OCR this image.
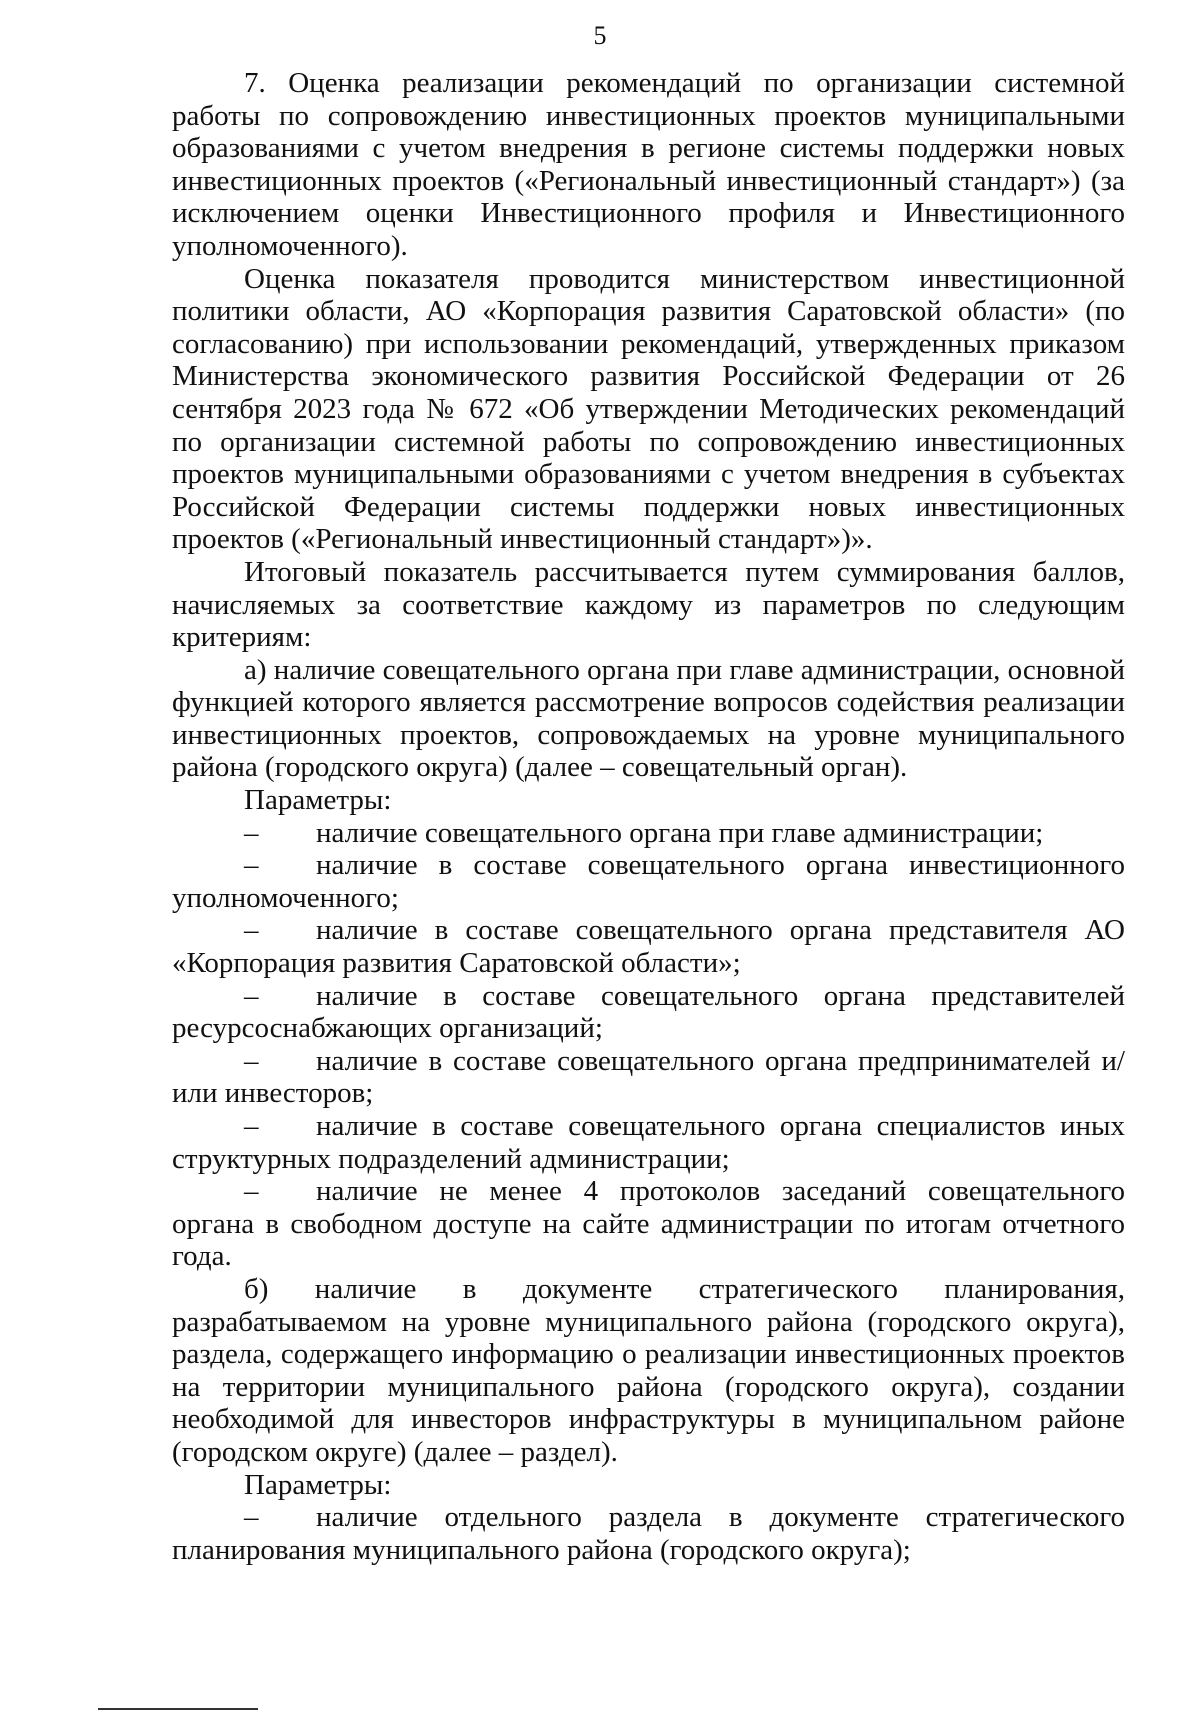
5

7. Оценка реализации рекомендаций по организации системной работы по сопровождению инвестиционных проектов муниципальными образованиями с учетом внедрения в регионе системы поддержки новых инвестиционных проектов («Региональный инвестиционный стандарт») (за исключением оценки Инвестиционного профиля и Инвестиционного уполномоченного).

Оценка показателя проводится министерством инвестиционной политики области, АО «Корпорация развития Саратовской области» (по согласованию) при использовании рекомендаций, утвержденных приказом Министерства экономического развития Российской Федерации от 26 сентября 2023 года № 672 «Об утверждении Методических рекомендаций по организации системной работы по сопровождению инвестиционных проектов муниципальными образованиями с учетом внедрения в субъектах Российской Федерации системы поддержки новых инвестиционных проектов («Региональный инвестиционный стандарт»)».

Итоговый показатель рассчитывается путем суммирования баллов, начисляемых за соответствие каждому из параметров по следующим критериям:

а) наличие совещательного органа при главе администрации, основной функцией которого является рассмотрение вопросов содействия реализации инвестиционных проектов, сопровождаемых на уровне муниципального района (городского округа) (далее – совещательный орган).

Параметры:

– наличие совещательного органа при главе администрации;

– наличие в составе совещательного органа инвестиционного уполномоченного;

– наличие в составе совещательного органа представителя АО «Корпорация развития Саратовской области»;

– наличие в составе совещательного органа представителей ресурсоснабжающих организаций;

– наличие в составе совещательного органа предпринимателей и/или инвесторов;

– наличие в составе совещательного органа специалистов иных структурных подразделений администрации;

– наличие не менее 4 протоколов заседаний совещательного органа в свободном доступе на сайте администрации по итогам отчетного года.

б) наличие в документе стратегического планирования, разрабатываемом на уровне муниципального района (городского округа), раздела, содержащего информацию о реализации инвестиционных проектов на территории муниципального района (городского округа), создании необходимой для инвесторов инфраструктуры в муниципальном районе (городском округе) (далее – раздел).

Параметры:

– наличие отдельного раздела в документе стратегического планирования муниципального района (городского округа);
